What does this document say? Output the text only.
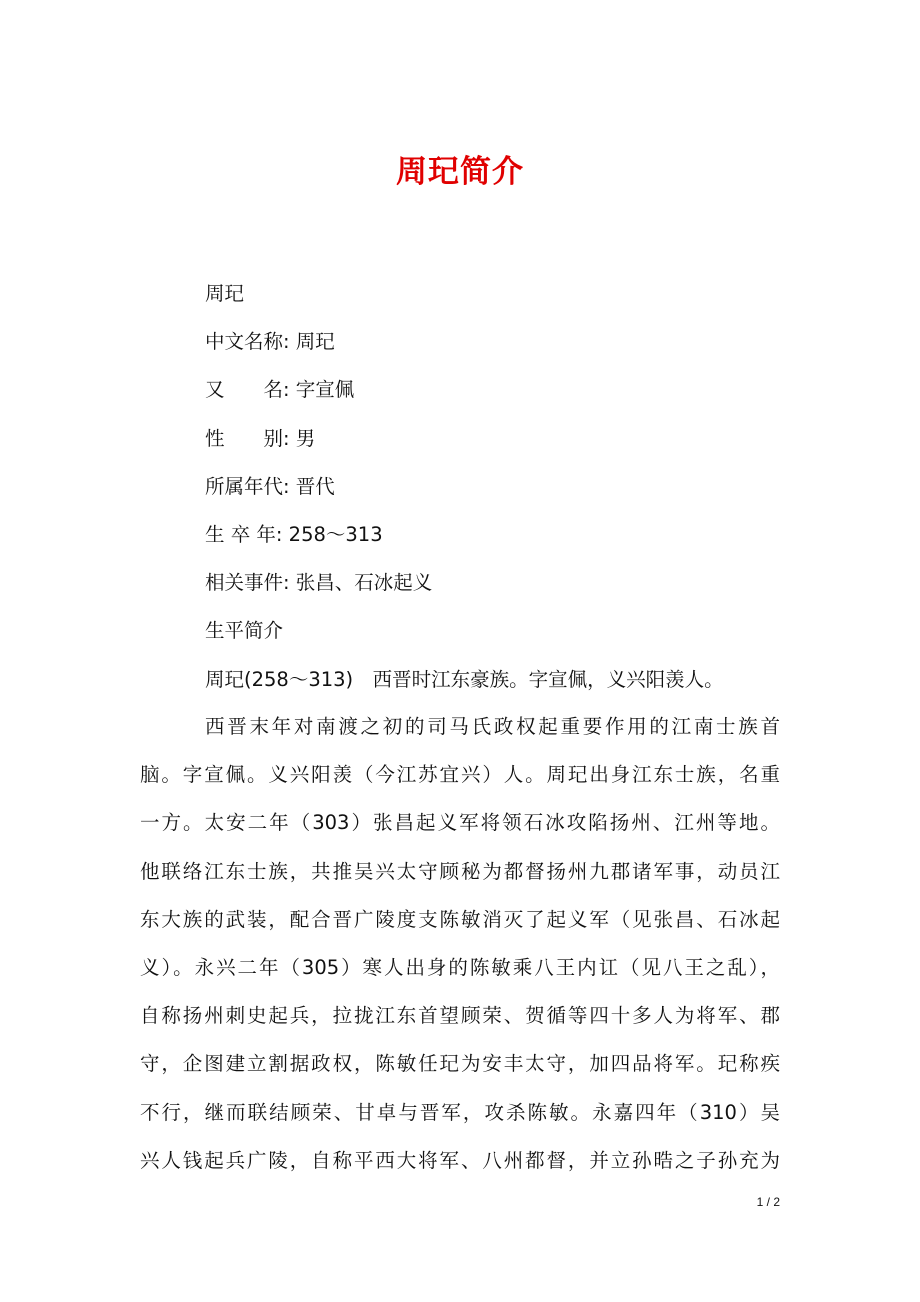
周玘简介
周玘
中文名称: 周玘
又　　名: 字宣佩
性　　别: 男
所属年代: 晋代
生 卒 年: 258～313
相关事件: 张昌、石冰起义
生平简介
周玘(258～313)　西晋时江东豪族。字宣佩，义兴阳羡人。
西晋末年对南渡之初的司马氏政权起重要作用的江南士族首
脑。字宣佩。义兴阳羡（今江苏宜兴）人。周玘出身江东士族，名重
一方。太安二年（303）张昌起义军将领石冰攻陷扬州、江州等地。
他联络江东士族，共推吴兴太守顾秘为都督扬州九郡诸军事，动员江
东大族的武装，配合晋广陵度支陈敏消灭了起义军（见张昌、石冰起
义）。永兴二年（305）寒人出身的陈敏乘八王内讧（见八王之乱），
自称扬州刺史起兵，拉拢江东首望顾荣、贺循等四十多人为将军、郡
守，企图建立割据政权，陈敏任玘为安丰太守，加四品将军。玘称疾
不行，继而联结顾荣、甘卓与晋军，攻杀陈敏。永嘉四年（310）吴
兴人钱起兵广陵，自称平西大将军、八州都督，并立孙晧之子孙充为
1 / 2
